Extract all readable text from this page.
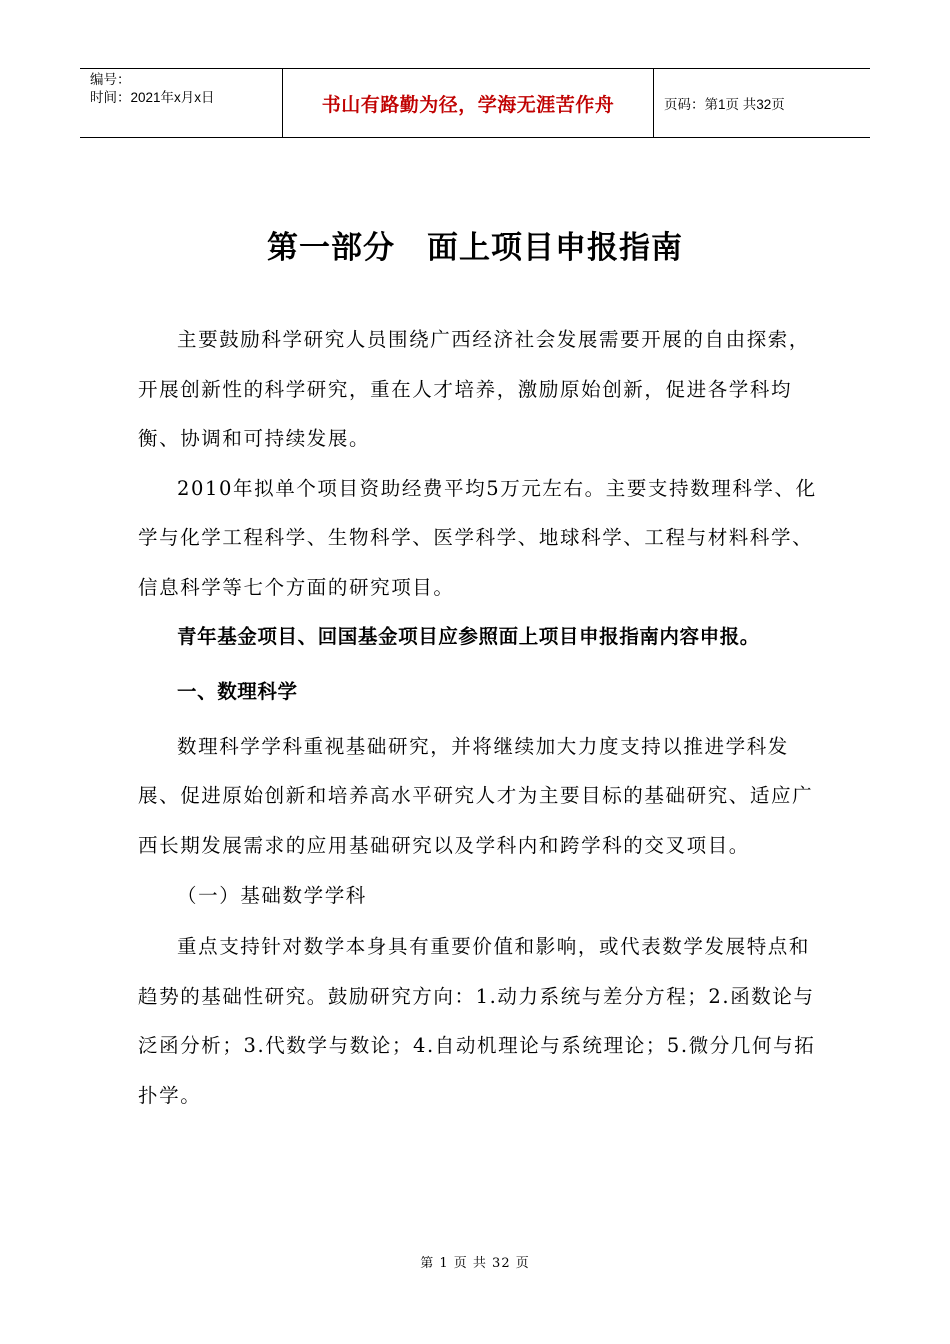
编号：
时间：2021年x月x日	书山有路勤为径，学海无涯苦作舟	页码：第1页 共32页
第一部分　面上项目申报指南

主要鼓励科学研究人员围绕广西经济社会发展需要开展的自由探索，开展创新性的科学研究，重在人才培养，激励原始创新，促进各学科均衡、协调和可持续发展。

2010年拟单个项目资助经费平均5万元左右。主要支持数理科学、化学与化学工程科学、生物科学、医学科学、地球科学、工程与材料科学、信息科学等七个方面的研究项目。

青年基金项目、回国基金项目应参照面上项目申报指南内容申报。

一、数理科学

数理科学学科重视基础研究，并将继续加大力度支持以推进学科发展、促进原始创新和培养高水平研究人才为主要目标的基础研究、适应广西长期发展需求的应用基础研究以及学科内和跨学科的交叉项目。

（一）基础数学学科

重点支持针对数学本身具有重要价值和影响，或代表数学发展特点和趋势的基础性研究。鼓励研究方向：1.动力系统与差分方程；2.函数论与泛函分析；3.代数学与数论；4.自动机理论与系统理论；5.微分几何与拓扑学。

第 1 页 共 32 页
